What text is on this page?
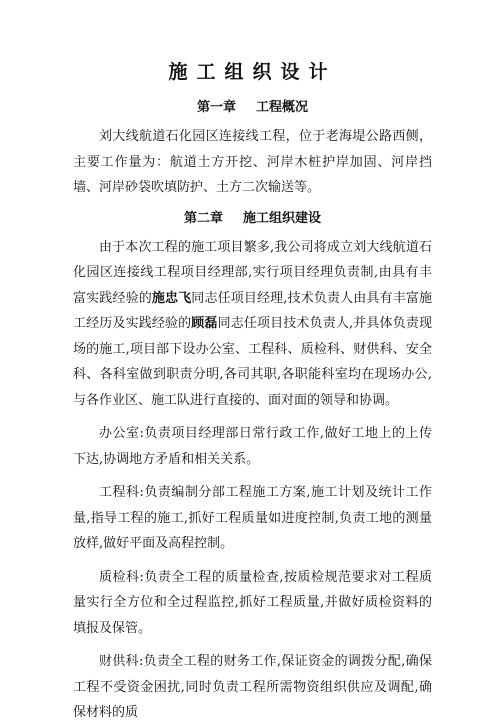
施工组织设计
第一章 工程概况

刘大线航道石化园区连接线工程，位于老海堤公路西侧，主要工作量为：航道土方开挖、河岸木桩护岸加固、河岸挡墙、河岸砂袋吹填防护、土方二次输送等。

第二章 施工组织建设

由于本次工程的施工项目繁多,我公司将成立刘大线航道石化园区连接线工程项目经理部,实行项目经理负责制,由具有丰富实践经验的施忠飞同志任项目经理,技术负责人由具有丰富施工经历及实践经验的顾磊同志任项目技术负责人,并具体负责现场的施工,项目部下设办公室、工程科、质检科、财供科、安全科、各科室做到职责分明,各司其职,各职能科室均在现场办公,与各作业区、施工队进行直接的、面对面的领导和协调。

办公室:负责项目经理部日常行政工作,做好工地上的上传下达,协调地方矛盾和相关关系。

工程科:负责编制分部工程施工方案,施工计划及统计工作量,指导工程的施工,抓好工程质量如进度控制,负责工地的测量放样,做好平面及高程控制。

质检科:负责全工程的质量检查,按质检规范要求对工程质量实行全方位和全过程监控,抓好工程质量,并做好质检资料的填报及保管。

财供科:负责全工程的财务工作,保证资金的调拨分配,确保工程不受资金困扰,同时负责工程所需物资组织供应及调配,确保材料的质
